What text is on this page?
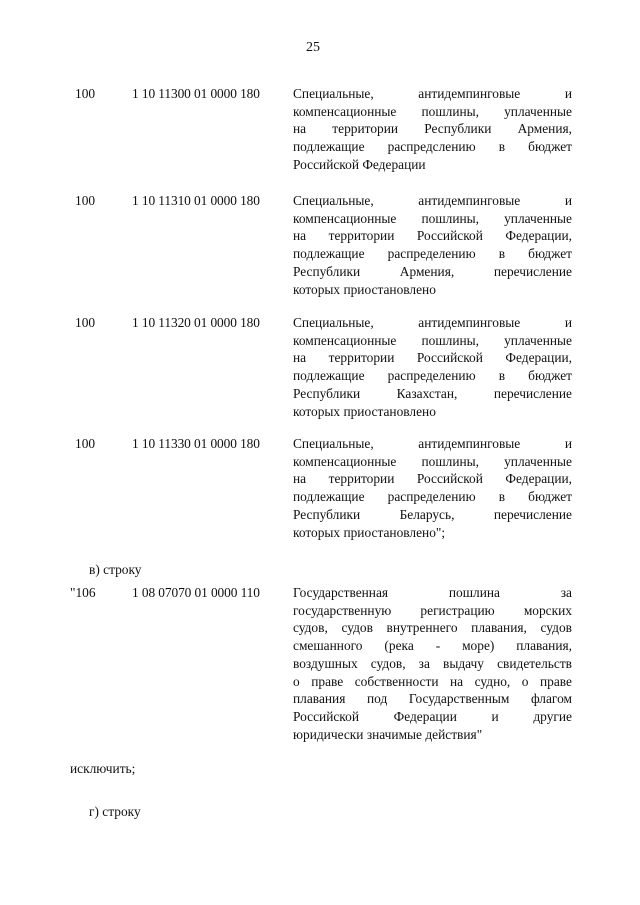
25
100	1 10 11300 01 0000 180 Специальные, антидемпинговые и
компенсационные пошлины, уплаченные
на территории Республики Армения,
подлежащие распредслению в бюджет
Российской Федерации
100	1 10 11310 01 0000 180 Специальные, антидемпинговые и
компенсационные пошлины, уплаченные
на территории Российской Федерации,
подлежащие распределению в бюджет
Республики Армения, перечисление
которых приостановлено
100	1 10 11320 01 0000 180 Специальные, антидемпинговые и
компенсационные пошлины, уплаченные
на территории Российской Федерации,
подлежащие распределению в бюджет
Республики Казахстан, перечисление
которых приостановлено
100	1 10 11330 01 0000 180 Специальные, антидемпинговые и
компенсационные пошлины, уплаченные
на территории Российской Федерации,
подлежащие распределению в бюджет
Республики Беларусь, перечисление
которых приостановлено";
в) строку
"106	1 08 07070 01 0000 110 Государственная пошлина за
государственную регистрацию морских
судов, судов внутреннего плавания, судов
смешанного (река - море) плавания,
воздушных судов, за выдачу свидетельств
о праве собственности на судно, о праве
плавания под Государственным флагом
Российской Федерации и другие
юридически значимые действия"
исключить;
г) строку
